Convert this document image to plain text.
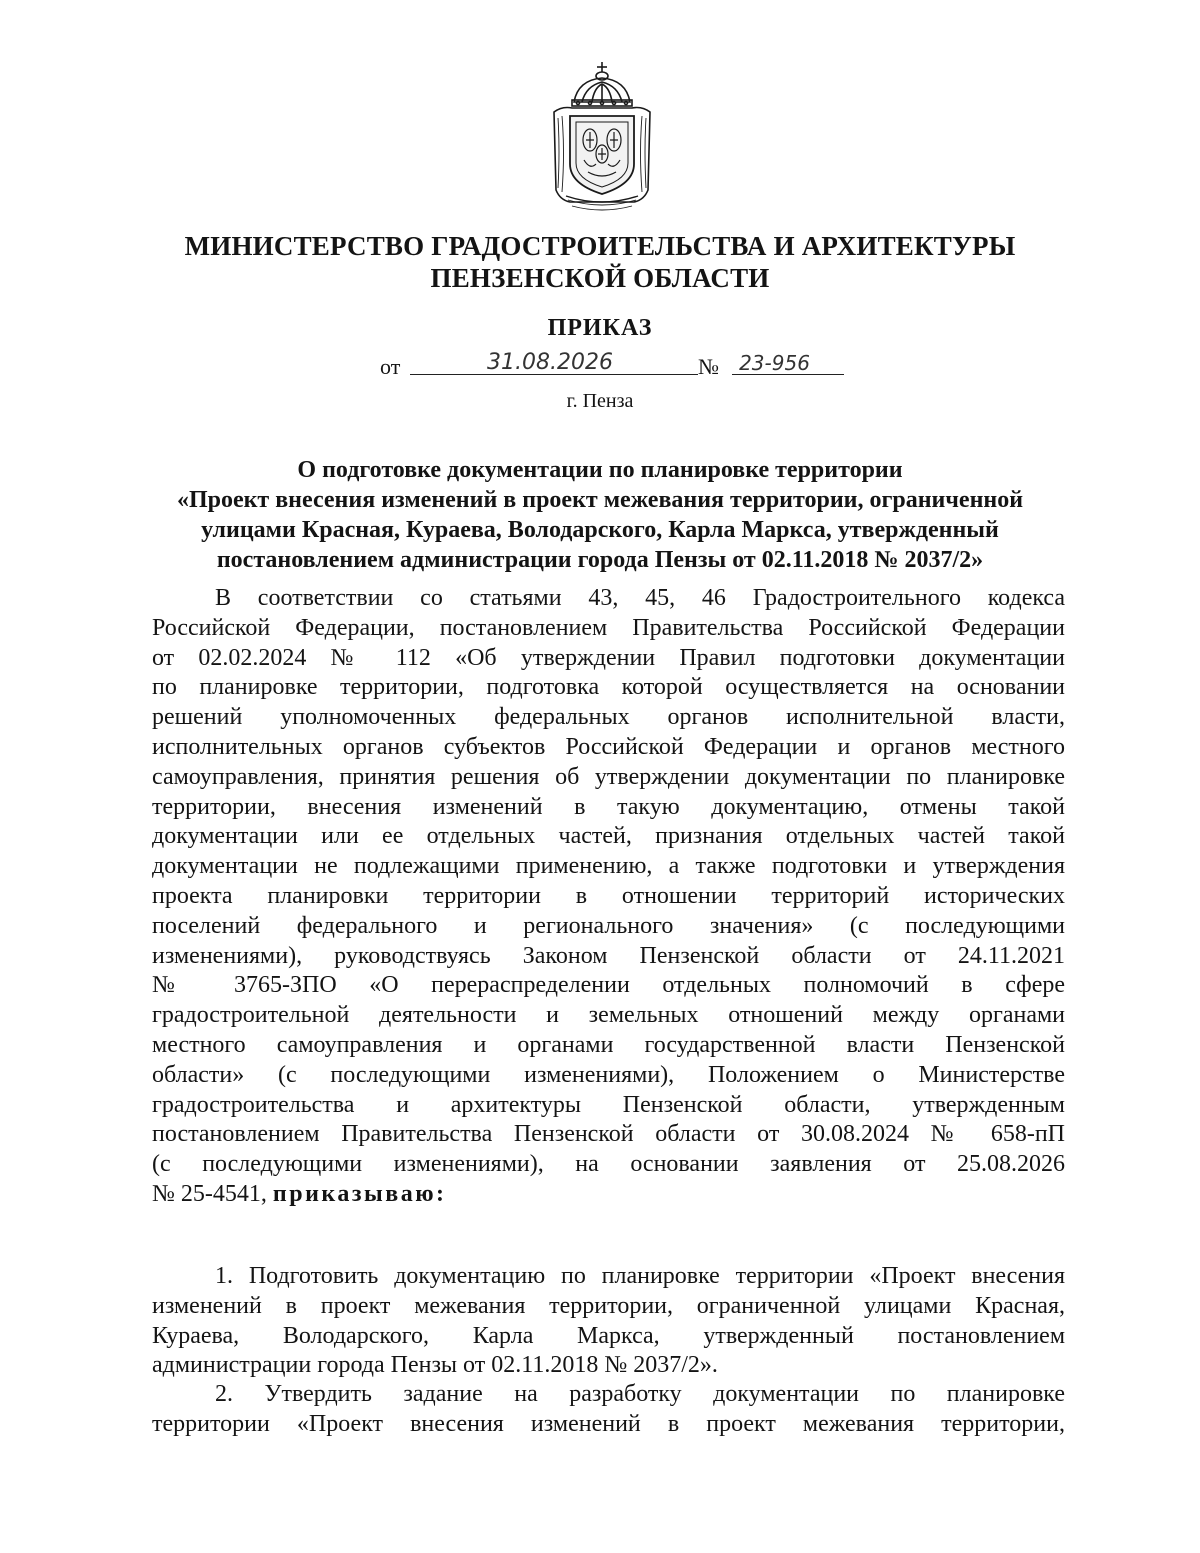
МИНИСТЕРСТВО ГРАДОСТРОИТЕЛЬСТВА И АРХИТЕКТУРЫ
ПЕНЗЕНСКОЙ ОБЛАСТИ
ПРИКАЗ
от	31.08.2026	№	23-956
г. Пенза
О подготовке документации по планировке территории
«Проект внесения изменений в проект межевания территории, ограниченной
улицами Красная, Кураева, Володарского, Карла Маркса, утвержденный
постановлением администрации города Пензы от 02.11.2018 № 2037/2»
В соответствии со статьями 43, 45, 46 Градостроительного кодекса
Российской Федерации, постановлением Правительства Российской Федерации
от 02.02.2024 № 112 «Об утверждении Правил подготовки документации
по планировке территории, подготовка которой осуществляется на основании
решений уполномоченных федеральных органов исполнительной власти,
исполнительных органов субъектов Российской Федерации и органов местного
самоуправления, принятия решения об утверждении документации по планировке
территории, внесения изменений в такую документацию, отмены такой
документации или ее отдельных частей, признания отдельных частей такой
документации не подлежащими применению, а также подготовки и утверждения
проекта планировки территории в отношении территорий исторических
поселений федерального и регионального значения» (с последующими
изменениями), руководствуясь Законом Пензенской области от 24.11.2021
№ 3765-ЗПО «О перераспределении отдельных полномочий в сфере
градостроительной деятельности и земельных отношений между органами
местного самоуправления и органами государственной власти Пензенской
области» (с последующими изменениями), Положением о Министерстве
градостроительства и архитектуры Пензенской области, утвержденным
постановлением Правительства Пензенской области от 30.08.2024 № 658-пП
(с последующими изменениями), на основании заявления от 25.08.2026
№ 25-4541, приказываю:
1. Подготовить документацию по планировке территории «Проект внесения
изменений в проект межевания территории, ограниченной улицами Красная,
Кураева, Володарского, Карла Маркса, утвержденный постановлением
администрации города Пензы от 02.11.2018 № 2037/2».
2. Утвердить задание на разработку документации по планировке
территории «Проект внесения изменений в проект межевания территории,
